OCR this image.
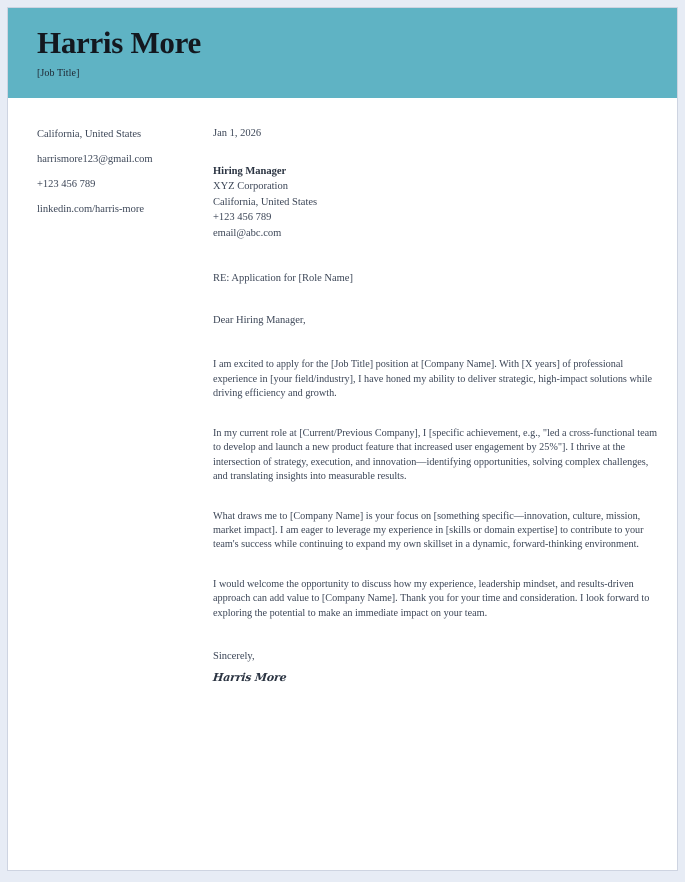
Harris More
[Job Title]
California, United States
harrismore123@gmail.com
+123 456 789
linkedin.com/harris-more
Jan 1, 2026
Hiring Manager
XYZ Corporation
California, United States
+123 456 789
email@abc.com
RE: Application for [Role Name]
Dear Hiring Manager,

I am excited to apply for the [Job Title] position at [Company Name]. With [X years] of professional experience in [your field/industry], I have honed my ability to deliver strategic, high-impact solutions while driving efficiency and growth.

In my current role at [Current/Previous Company], I [specific achievement, e.g., "led a cross-functional team to develop and launch a new product feature that increased user engagement by 25%"]. I thrive at the intersection of strategy, execution, and innovation—identifying opportunities, solving complex challenges, and translating insights into measurable results.

What draws me to [Company Name] is your focus on [something specific—innovation, culture, mission, market impact]. I am eager to leverage my experience in [skills or domain expertise] to contribute to your team's success while continuing to expand my own skillset in a dynamic, forward-thinking environment.

I would welcome the opportunity to discuss how my experience, leadership mindset, and results-driven approach can add value to [Company Name]. Thank you for your time and consideration. I look forward to exploring the potential to make an immediate impact on your team.

Sincerely,
Harris More
